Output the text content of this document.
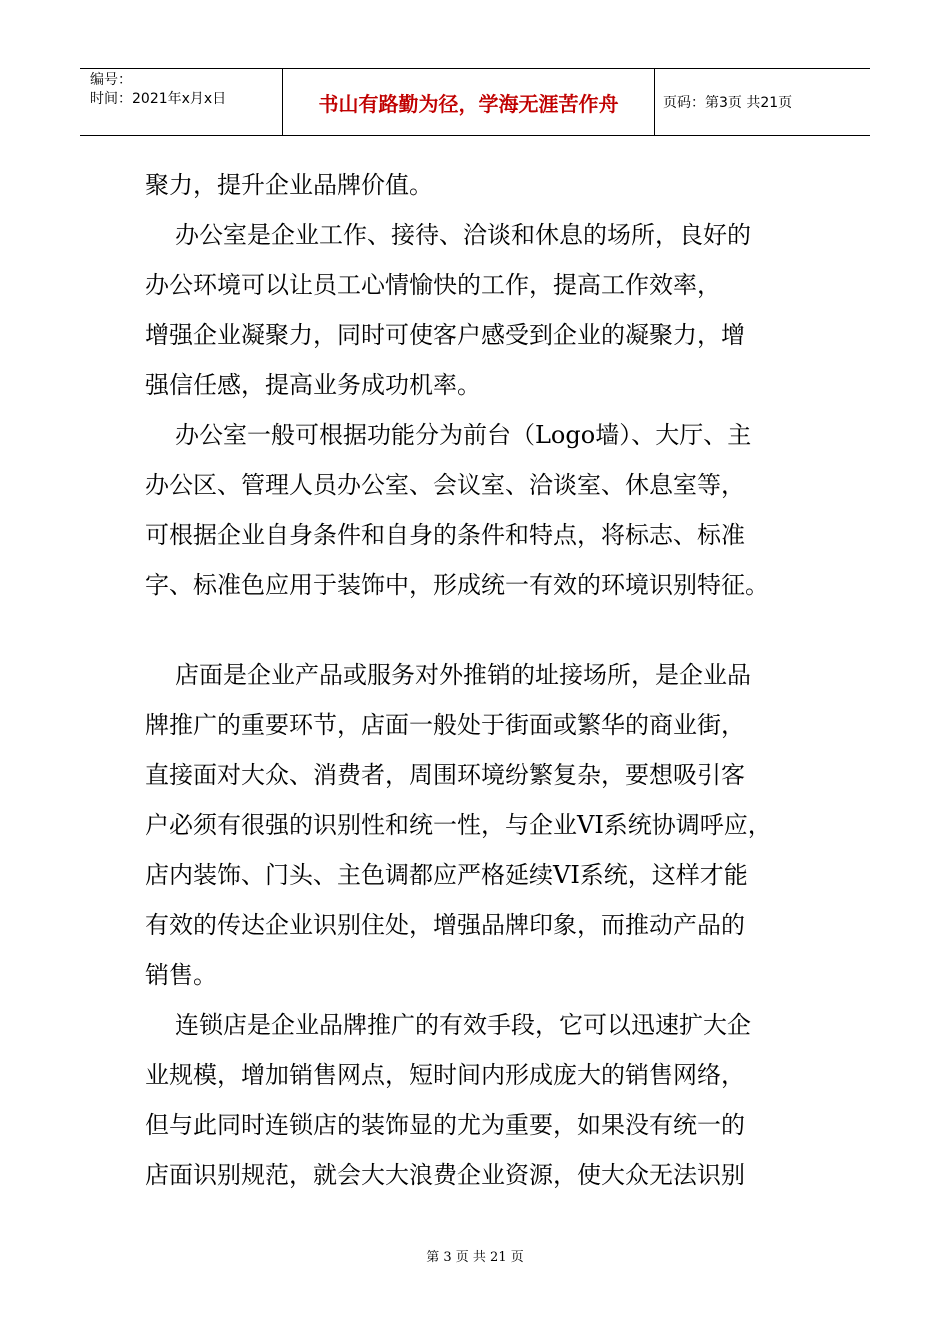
编号：
时间：2021年x月x日	书山有路勤为径，学海无涯苦作舟	页码：第3页 共21页

聚力，提升企业品牌价值。

办公室是企业工作、接待、洽谈和休息的场所，良好的

办公环境可以让员工心情愉快的工作，提高工作效率，

增强企业凝聚力，同时可使客户感受到企业的凝聚力，增

强信任感，提高业务成功机率。

办公室一般可根据功能分为前台（Logo墙）、大厅、主

办公区、管理人员办公室、会议室、洽谈室、休息室等，

可根据企业自身条件和自身的条件和特点，将标志、标准

字、标准色应用于装饰中，形成统一有效的环境识别特征。

店面是企业产品或服务对外推销的址接场所，是企业品

牌推广的重要环节，店面一般处于街面或繁华的商业街，

直接面对大众、消费者，周围环境纷繁复杂，要想吸引客

户必须有很强的识别性和统一性，与企业VI系统协调呼应，

店内装饰、门头、主色调都应严格延续VI系统，这样才能

有效的传达企业识别住处，增强品牌印象，而推动产品的

销售。

连锁店是企业品牌推广的有效手段，它可以迅速扩大企

业规模，增加销售网点，短时间内形成庞大的销售网络，

但与此同时连锁店的装饰显的尤为重要，如果没有统一的

店面识别规范，就会大大浪费企业资源，使大众无法识别

第 3 页 共 21 页
